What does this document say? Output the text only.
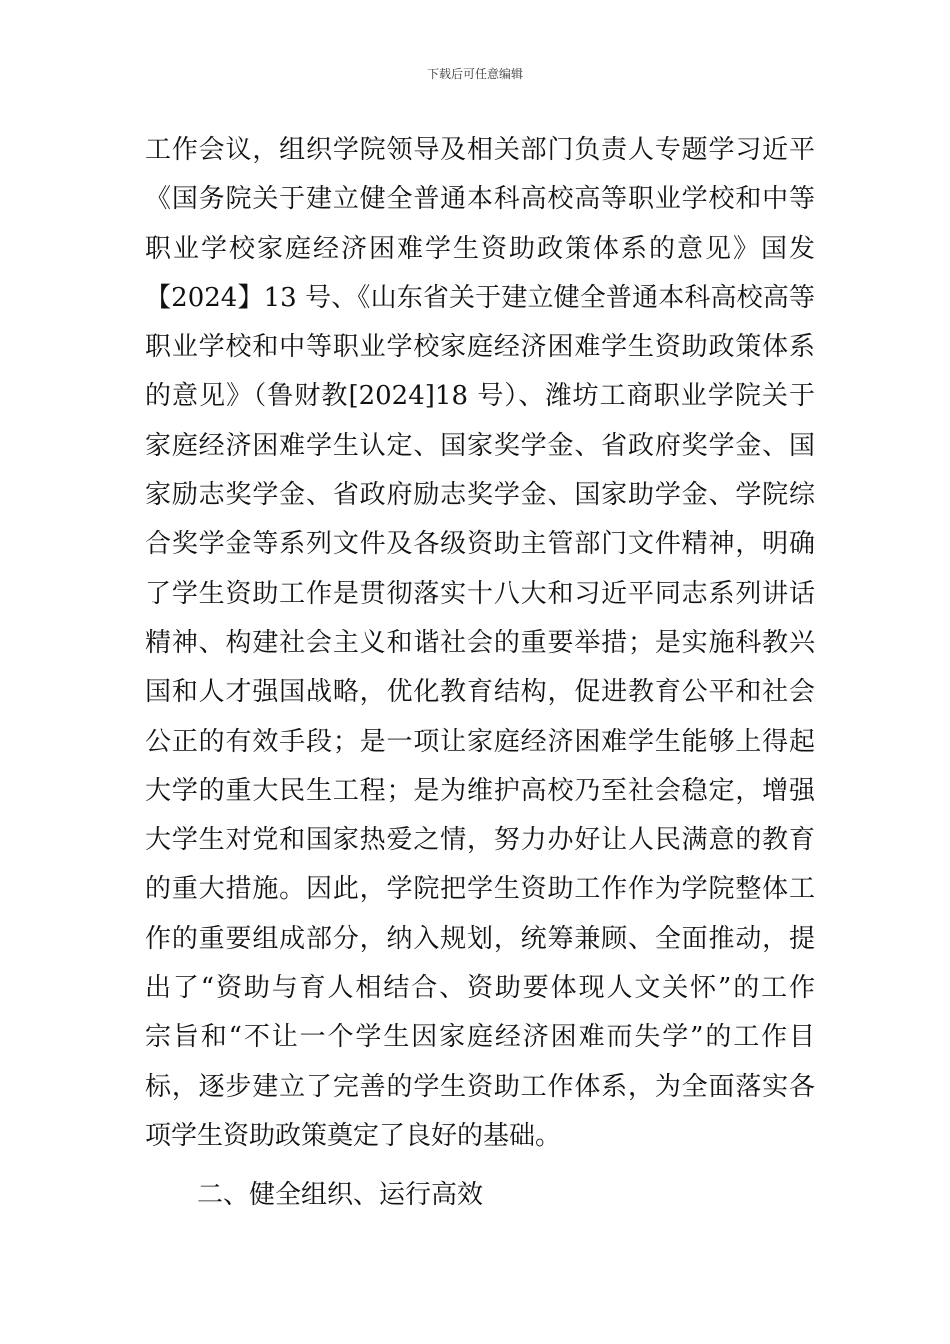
下载后可任意编辑
工作会议，组织学院领导及相关部门负责人专题学习近平
《国务院关于建立健全普通本科高校高等职业学校和中等
职业学校家庭经济困难学生资助政策体系的意见》国发
【2024】13 号、《山东省关于建立健全普通本科高校高等
职业学校和中等职业学校家庭经济困难学生资助政策体系
的意见》（鲁财教[2024]18 号）、潍坊工商职业学院关于
家庭经济困难学生认定、国家奖学金、省政府奖学金、国
家励志奖学金、省政府励志奖学金、国家助学金、学院综
合奖学金等系列文件及各级资助主管部门文件精神，明确
了学生资助工作是贯彻落实十八大和习近平同志系列讲话
精神、构建社会主义和谐社会的重要举措；是实施科教兴
国和人才强国战略，优化教育结构，促进教育公平和社会
公正的有效手段；是一项让家庭经济困难学生能够上得起
大学的重大民生工程；是为维护高校乃至社会稳定，增强
大学生对党和国家热爱之情，努力办好让人民满意的教育
的重大措施。因此，学院把学生资助工作作为学院整体工
作的重要组成部分，纳入规划，统筹兼顾、全面推动，提
出了“资助与育人相结合、资助要体现人文关怀”的工作
宗旨和“不让一个学生因家庭经济困难而失学”的工作目
标，逐步建立了完善的学生资助工作体系，为全面落实各
项学生资助政策奠定了良好的基础。
二、健全组织、运行高效
